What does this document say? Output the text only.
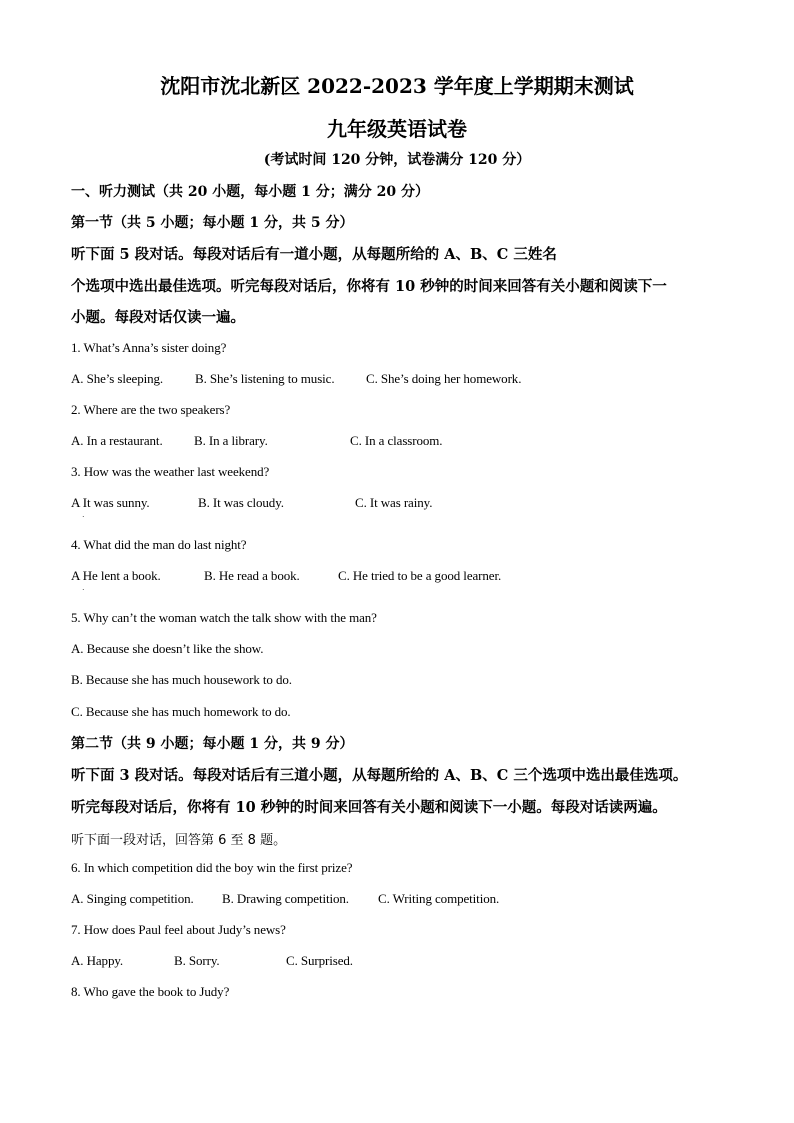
沈阳市沈北新区 2022-2023 学年度上学期期末测试
九年级英语试卷
(考试时间 120 分钟，试卷满分 120 分）
一、听力测试（共 20 小题，每小题 1 分；满分 20 分）
第一节（共 5 小题；每小题 1 分，共 5 分）
听下面 5 段对话。每段对话后有一道小题，从每题所给的 A、B、C 三姓名
个选项中选出最佳选项。听完每段对话后，你将有 10 秒钟的时间来回答有关小题和阅读下一
小题。每段对话仅读一遍。
1. What’s Anna’s sister doing?
A. She’s sleeping. B. She’s listening to music. C. She’s doing her homework.
2. Where are the two speakers?
A. In a restaurant. B. In a library.	C. In a classroom.
3. How was the weather last weekend?
A It was sunny.
.
B. It was cloudy.	C. It was rainy.
4. What did the man do last night?
A He lent a book.
.
B. He read a book.	C. He tried to be a good learner.
5. Why can’t the woman watch the talk show with the man?
A. Because she doesn’t like the show.
B. Because she has much housework to do.
C. Because she has much homework to do.
第二节（共 9 小题；每小题 1 分，共 9 分）
听下面 3 段对话。每段对话后有三道小题，从每题所给的 A、B、C 三个选项中选出最佳选项。
听完每段对话后，你将有 10 秒钟的时间来回答有关小题和阅读下一小题。每段对话读两遍。
听下面一段对话，回答第 6 至 8 题。
6. In which competition did the boy win the first prize?
A. Singing competition. B. Drawing competition. C. Writing competition.
7. How does Paul feel about Judy’s news?
A. Happy.	B. Sorry.	C. Surprised.
8. Who gave the book to Judy?
